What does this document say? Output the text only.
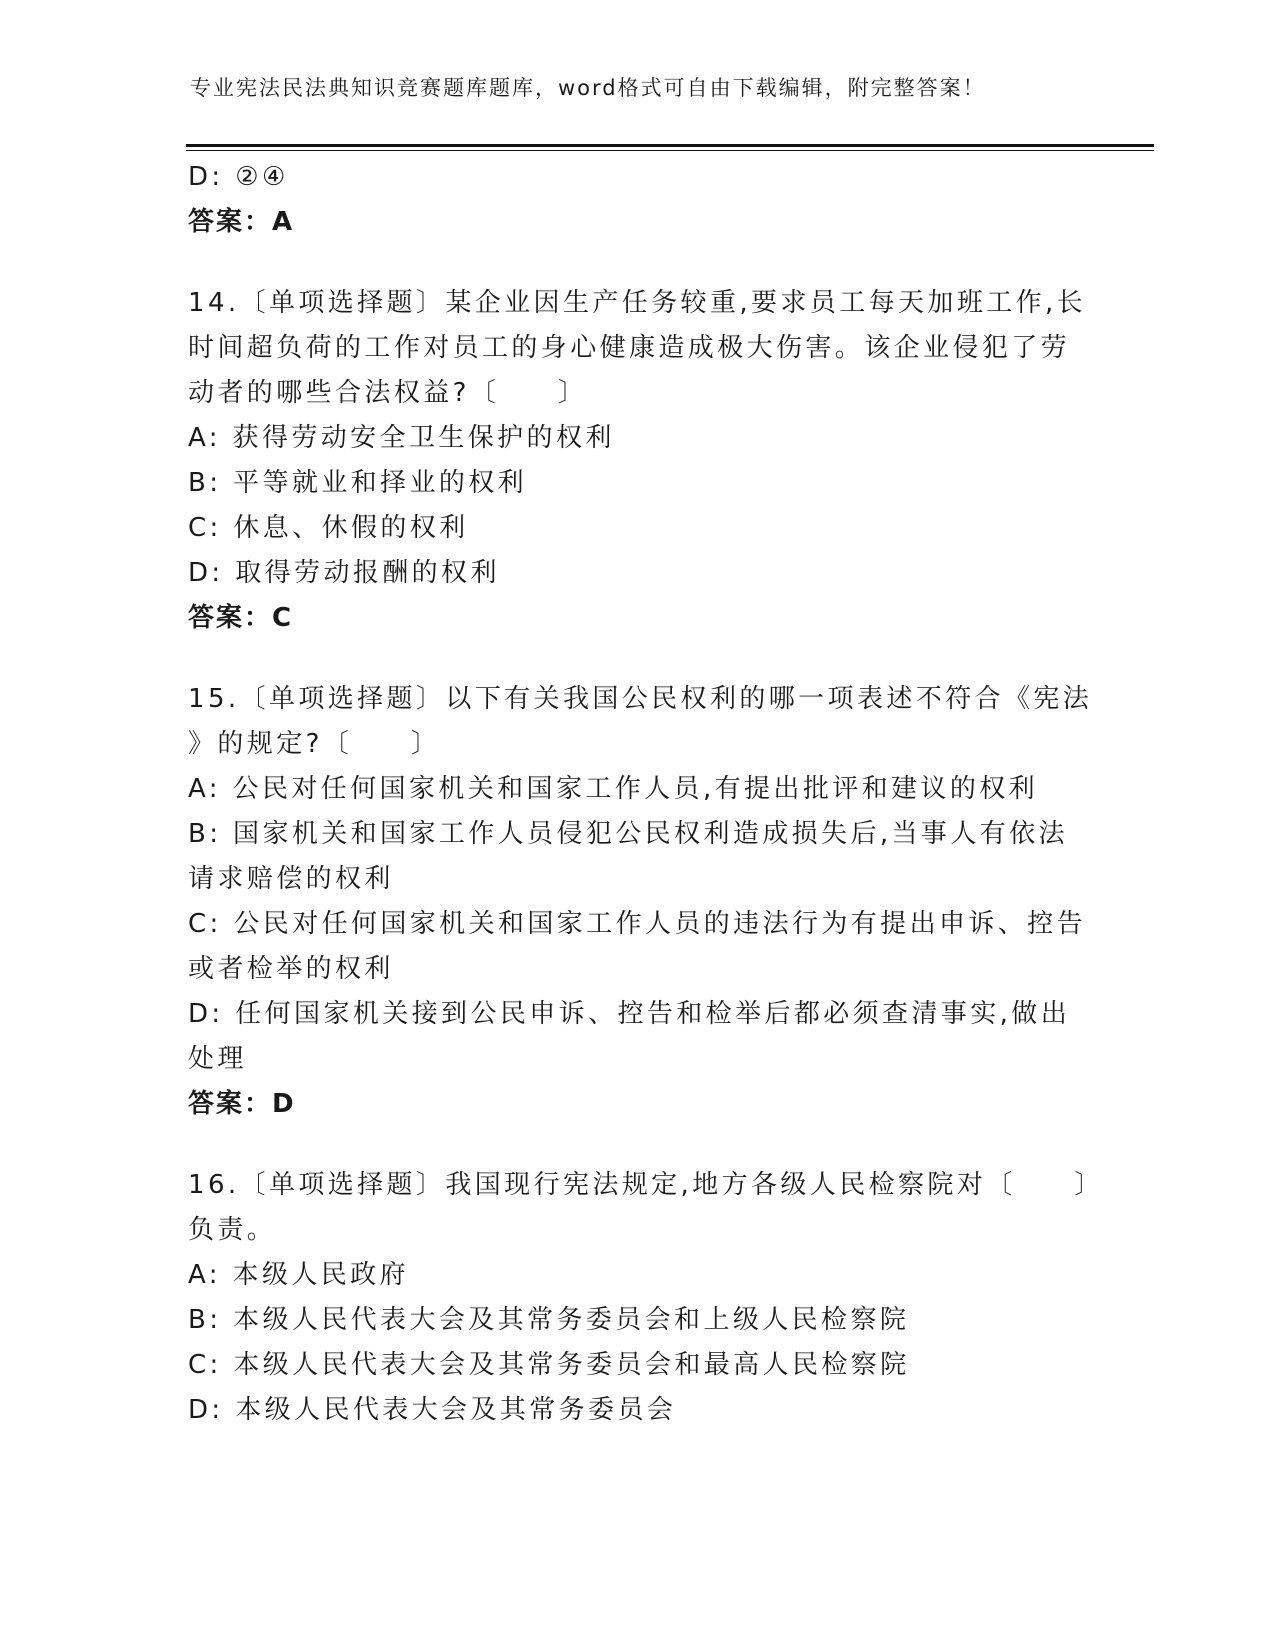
专业宪法民法典知识竞赛题库题库，word格式可自由下载编辑，附完整答案！
D: ②④
答案：A
14.〔单项选择题〕某企业因生产任务较重,要求员工每天加班工作,长
时间超负荷的工作对员工的身心健康造成极大伤害。该企业侵犯了劳
动者的哪些合法权益?〔　　〕
A: 获得劳动安全卫生保护的权利
B: 平等就业和择业的权利
C: 休息、休假的权利
D: 取得劳动报酬的权利
答案：C
15.〔单项选择题〕以下有关我国公民权利的哪一项表述不符合《宪法
》的规定?〔　　〕
A: 公民对任何国家机关和国家工作人员,有提出批评和建议的权利
B: 国家机关和国家工作人员侵犯公民权利造成损失后,当事人有依法
请求赔偿的权利
C: 公民对任何国家机关和国家工作人员的违法行为有提出申诉、控告
或者检举的权利
D: 任何国家机关接到公民申诉、控告和检举后都必须查清事实,做出
处理
答案：D
16.〔单项选择题〕我国现行宪法规定,地方各级人民检察院对〔　　〕
负责。
A: 本级人民政府
B: 本级人民代表大会及其常务委员会和上级人民检察院
C: 本级人民代表大会及其常务委员会和最高人民检察院
D: 本级人民代表大会及其常务委员会
